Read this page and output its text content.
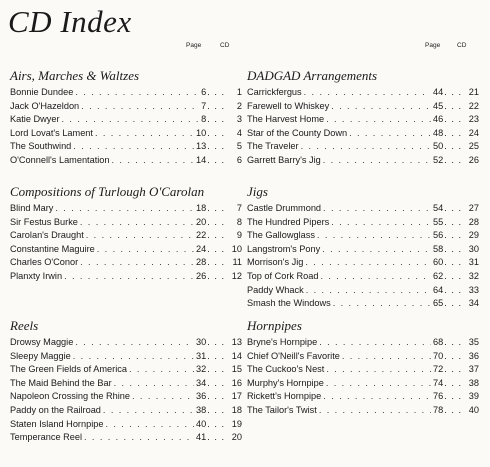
CD Index
Page	CD
Airs, Marches & Waltzes
Bonnie Dundee . . .	6 . . .	1
Jack O'Hazeldon . . .	7 . . .	2
Katie Dwyer . . .	8 . . .	3
Lord Lovat's Lament . . .	10 . . .	4
The Southwind . . .	13 . . .	5
O'Connell's Lamentation . . .	14 . . .	6
Compositions of Turlough O'Carolan
Blind Mary . . .	18 . . .	7
Sir Festus Burke . . .	20 . . .	8
Carolan's Draught . . .	22 . . .	9
Constantine Maguire . . .	24 . . . 10
Charles O'Conor . . .	28 . . . 11
Planxty Irwin . . .	26 . . . 12
Reels
Drowsy Maggie . . .	30 . . . 13
Sleepy Maggie . . .	31 . . . 14
The Green Fields of America . . .	32 . . . 15
The Maid Behind the Bar . . .	34 . . . 16
Napoleon Crossing the Rhine . . .	36 . . . 17
Paddy on the Railroad . . .	38 . . . 18
Staten Island Hornpipe . . .	40 . . . 19
Temperance Reel . . .	41 . . . 20
Page	CD
DADGAD Arrangements
Carrickfergus . . .	44 . . . 21
Farewell to Whiskey . . .	45 . . . 22
The Harvest Home . . .	46 . . . 23
Star of the County Down . . .	48 . . . 24
The Traveler . . .	50 . . . 25
Garrett Barry's Jig . . .	52 . . . 26
Jigs
Castle Drummond . . .	54 . . . 27
The Hundred Pipers . . .	55 . . . 28
The Gallowglass . . .	56 . . . 29
Langstrom's Pony . . .	58 . . . 30
Morrison's Jig . . .	60 . . . 31
Top of Cork Road . . .	62 . . . 32
Paddy Whack . . .	64 . . . 33
Smash the Windows . . .	65 . . . 34
Hornpipes
Bryne's Hornpipe . . .	68 . . . 35
Chief O'Neill's Favorite . . .	70 . . . 36
The Cuckoo's Nest . . .	72 . . . 37
Murphy's Hornpipe . . .	74 . . . 38
Rickett's Hornpipe . . .	76 . . . 39
The Tailor's Twist . . .	78 . . . 40
